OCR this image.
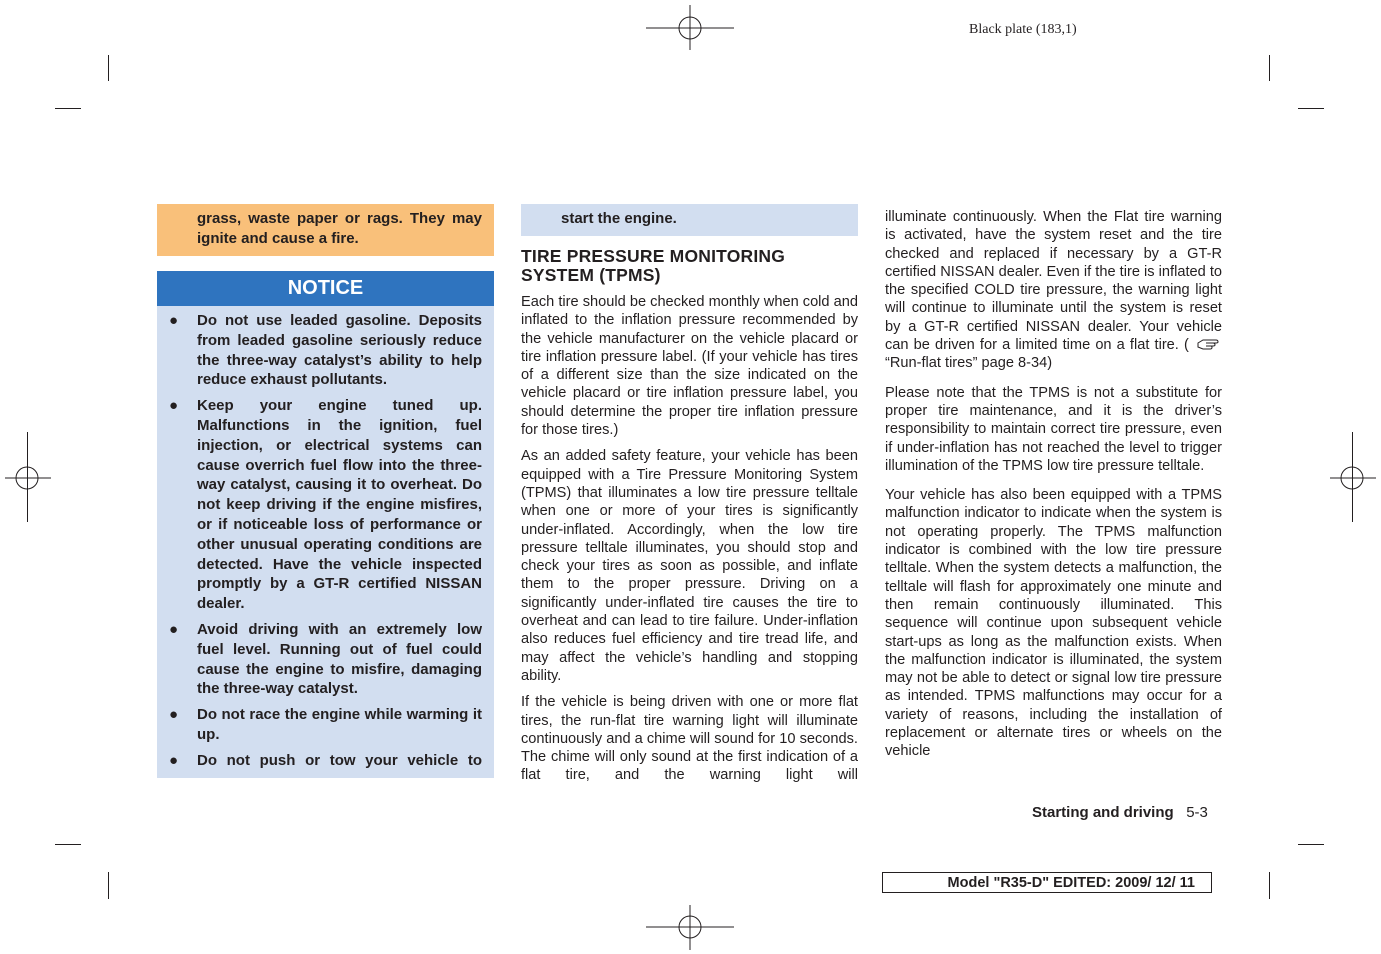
Black plate (183,1)
grass, waste paper or rags. They may ignite and cause a fire.
NOTICE
● Do not use leaded gasoline. Deposits from leaded gasoline seriously reduce the three-way catalyst’s ability to help reduce exhaust pollutants.
● Keep your engine tuned up. Malfunctions in the ignition, fuel injection, or electrical systems can cause overrich fuel flow into the three-way catalyst, causing it to overheat. Do not keep driving if the engine misfires, or if noticeable loss of performance or other unusual operating conditions are detected. Have the vehicle inspected promptly by a GT-R certified NISSAN dealer.
● Avoid driving with an extremely low fuel level. Running out of fuel could cause the engine to misfire, damaging the three-way catalyst.
● Do not race the engine while warming it up.
● Do not push or tow your vehicle to
start the engine.
TIRE PRESSURE MONITORING SYSTEM (TPMS)
Each tire should be checked monthly when cold and inflated to the inflation pressure recommended by the vehicle manufacturer on the vehicle placard or tire inflation pressure label. (If your vehicle has tires of a different size than the size indicated on the vehicle placard or tire inflation pressure label, you should determine the proper tire inflation pressure for those tires.)
As an added safety feature, your vehicle has been equipped with a Tire Pressure Monitoring System (TPMS) that illuminates a low tire pressure telltale when one or more of your tires is significantly under-inflated. Accordingly, when the low tire pressure telltale illuminates, you should stop and check your tires as soon as possible, and inflate them to the proper pressure. Driving on a significantly under-inflated tire causes the tire to overheat and can lead to tire failure. Under-inflation also reduces fuel efficiency and tire tread life, and may affect the vehicle’s handling and stopping ability.
If the vehicle is being driven with one or more flat tires, the run-flat tire warning light will illuminate continuously and a chime will sound for 10 seconds. The chime will only sound at the first indication of a flat tire, and the warning light will
illuminate continuously. When the Flat tire warning is activated, have the system reset and the tire checked and replaced if necessary by a GT-R certified NISSAN dealer. Even if the tire is inflated to the specified COLD tire pressure, the warning light will continue to illuminate until the system is reset by a GT-R certified NISSAN dealer. Your vehicle can be driven for a limited time on a flat tire. (  “Run-flat tires” page 8-34)
Please note that the TPMS is not a substitute for proper tire maintenance, and it is the driver’s responsibility to maintain correct tire pressure, even if under-inflation has not reached the level to trigger illumination of the TPMS low tire pressure telltale.
Your vehicle has also been equipped with a TPMS malfunction indicator to indicate when the system is not operating properly. The TPMS malfunction indicator is combined with the low tire pressure telltale. When the system detects a malfunction, the telltale will flash for approximately one minute and then remain continuously illuminated. This sequence will continue upon subsequent vehicle start-ups as long as the malfunction exists. When the malfunction indicator is illuminated, the system may not be able to detect or signal low tire pressure as intended. TPMS malfunctions may occur for a variety of reasons, including the installation of replacement or alternate tires or wheels on the vehicle
Starting and driving 5-3
Model "R35-D" EDITED: 2009/ 12/ 11
